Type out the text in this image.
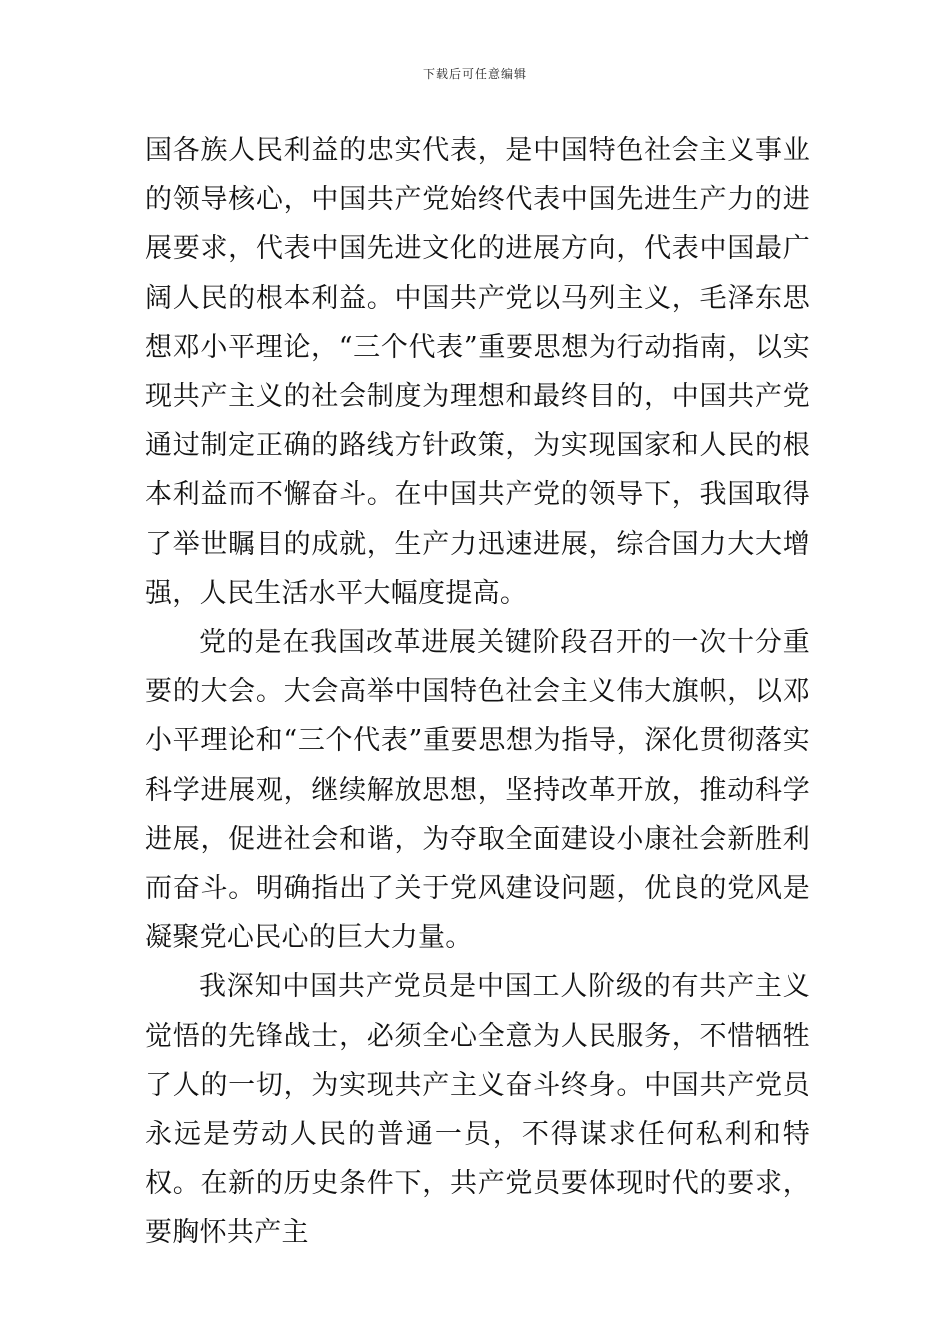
下载后可任意编辑

国各族人民利益的忠实代表，是中国特色社会主义事业的领导核心，中国共产党始终代表中国先进生产力的进展要求，代表中国先进文化的进展方向，代表中国最广阔人民的根本利益。中国共产党以马列主义，毛泽东思想邓小平理论，“三个代表”重要思想为行动指南，以实现共产主义的社会制度为理想和最终目的，中国共产党通过制定正确的路线方针政策，为实现国家和人民的根本利益而不懈奋斗。在中国共产党的领导下，我国取得了举世瞩目的成就，生产力迅速进展，综合国力大大增强，人民生活水平大幅度提高。

党的是在我国改革进展关键阶段召开的一次十分重要的大会。大会高举中国特色社会主义伟大旗帜，以邓小平理论和“三个代表”重要思想为指导，深化贯彻落实科学进展观，继续解放思想，坚持改革开放，推动科学进展，促进社会和谐，为夺取全面建设小康社会新胜利而奋斗。明确指出了关于党风建设问题，优良的党风是凝聚党心民心的巨大力量。

我深知中国共产党员是中国工人阶级的有共产主义觉悟的先锋战士，必须全心全意为人民服务，不惜牺牲了人的一切，为实现共产主义奋斗终身。中国共产党员永远是劳动人民的普通一员，不得谋求任何私利和特权。在新的历史条件下，共产党员要体现时代的要求，要胸怀共产主
